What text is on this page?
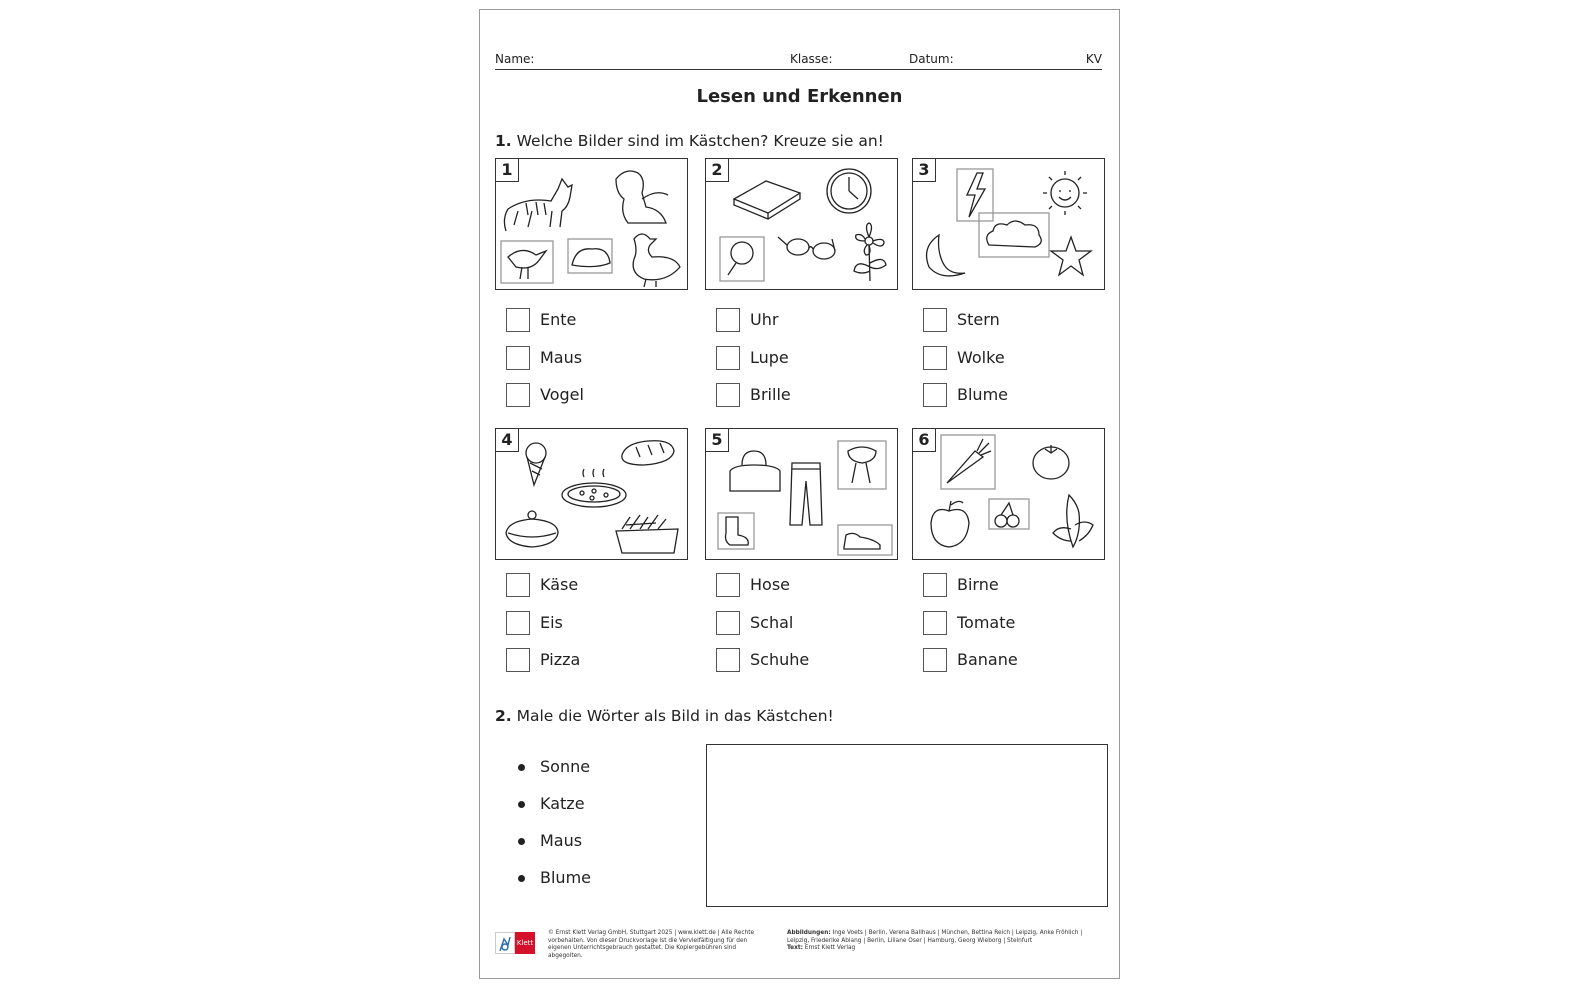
Name:	Klasse:	Datum:	KV
Lesen und Erkennen
1. Welche Bilder sind im Kästchen? Kreuze sie an!
1	2	3
Ente
Maus
Vogel
Uhr
Lupe
Brille
Stern
Wolke
Blume
4	5	6
Käse
Eis
Pizza
Hose
Schal
Schuhe
Birne
Tomate
Banane
2. Male die Wörter als Bild in das Kästchen!
Sonne
Katze
Maus
Blume
Klett
© Ernst Klett Verlag GmbH, Stuttgart 2025 | www.klett.de | Alle Rechte vorbehalten. Von dieser Druckvorlage ist die Vervielfältigung für den eigenen Unterrichtsgebrauch gestattet. Die Kopiergebühren sind abgegolten.
Abbildungen: Inge Voets | Berlin, Verena Ballhaus | München, Bettina Reich | Leipzig, Anke Fröhlich | Leipzig, Friederike Ablang | Berlin, Liliane Oser | Hamburg, Georg Wieborg | Steinfurt
Text: Ernst Klett Verlag
